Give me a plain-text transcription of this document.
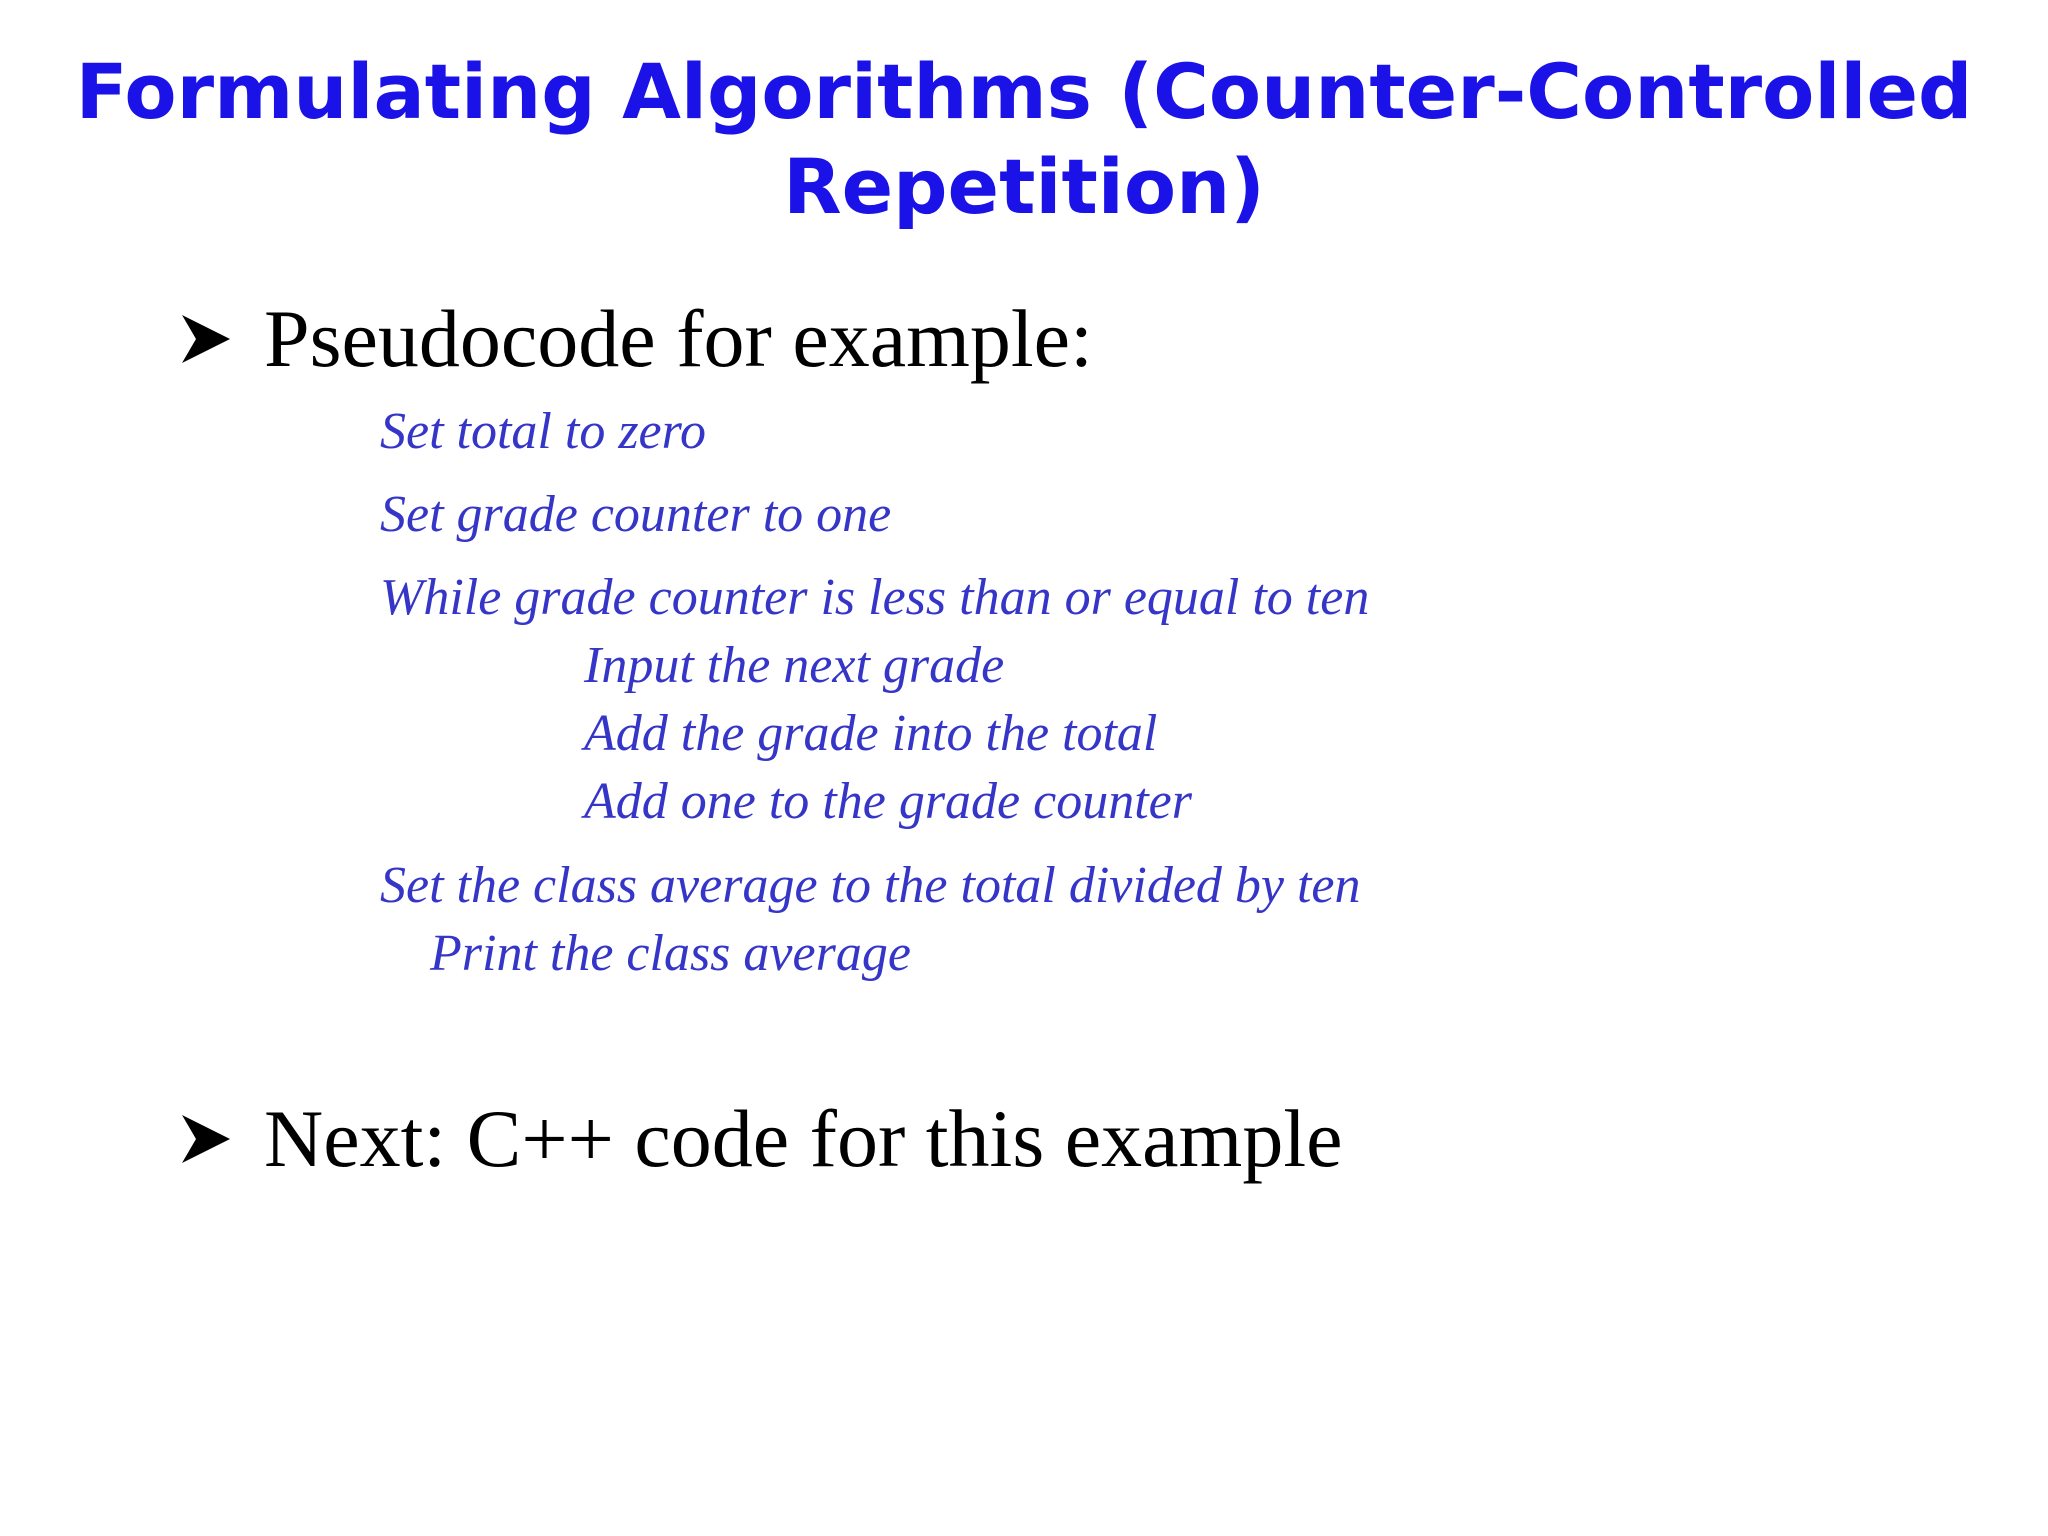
Formulating Algorithms (Counter-Controlled
Repetition)
Pseudocode for example:
Set total to zero
Set grade counter to one
While grade counter is less than or equal to ten
Input the next grade
Add the grade into the total
Add one to the grade counter
Set the class average to the total divided by ten
Print the class average
Next: C++ code for this example
